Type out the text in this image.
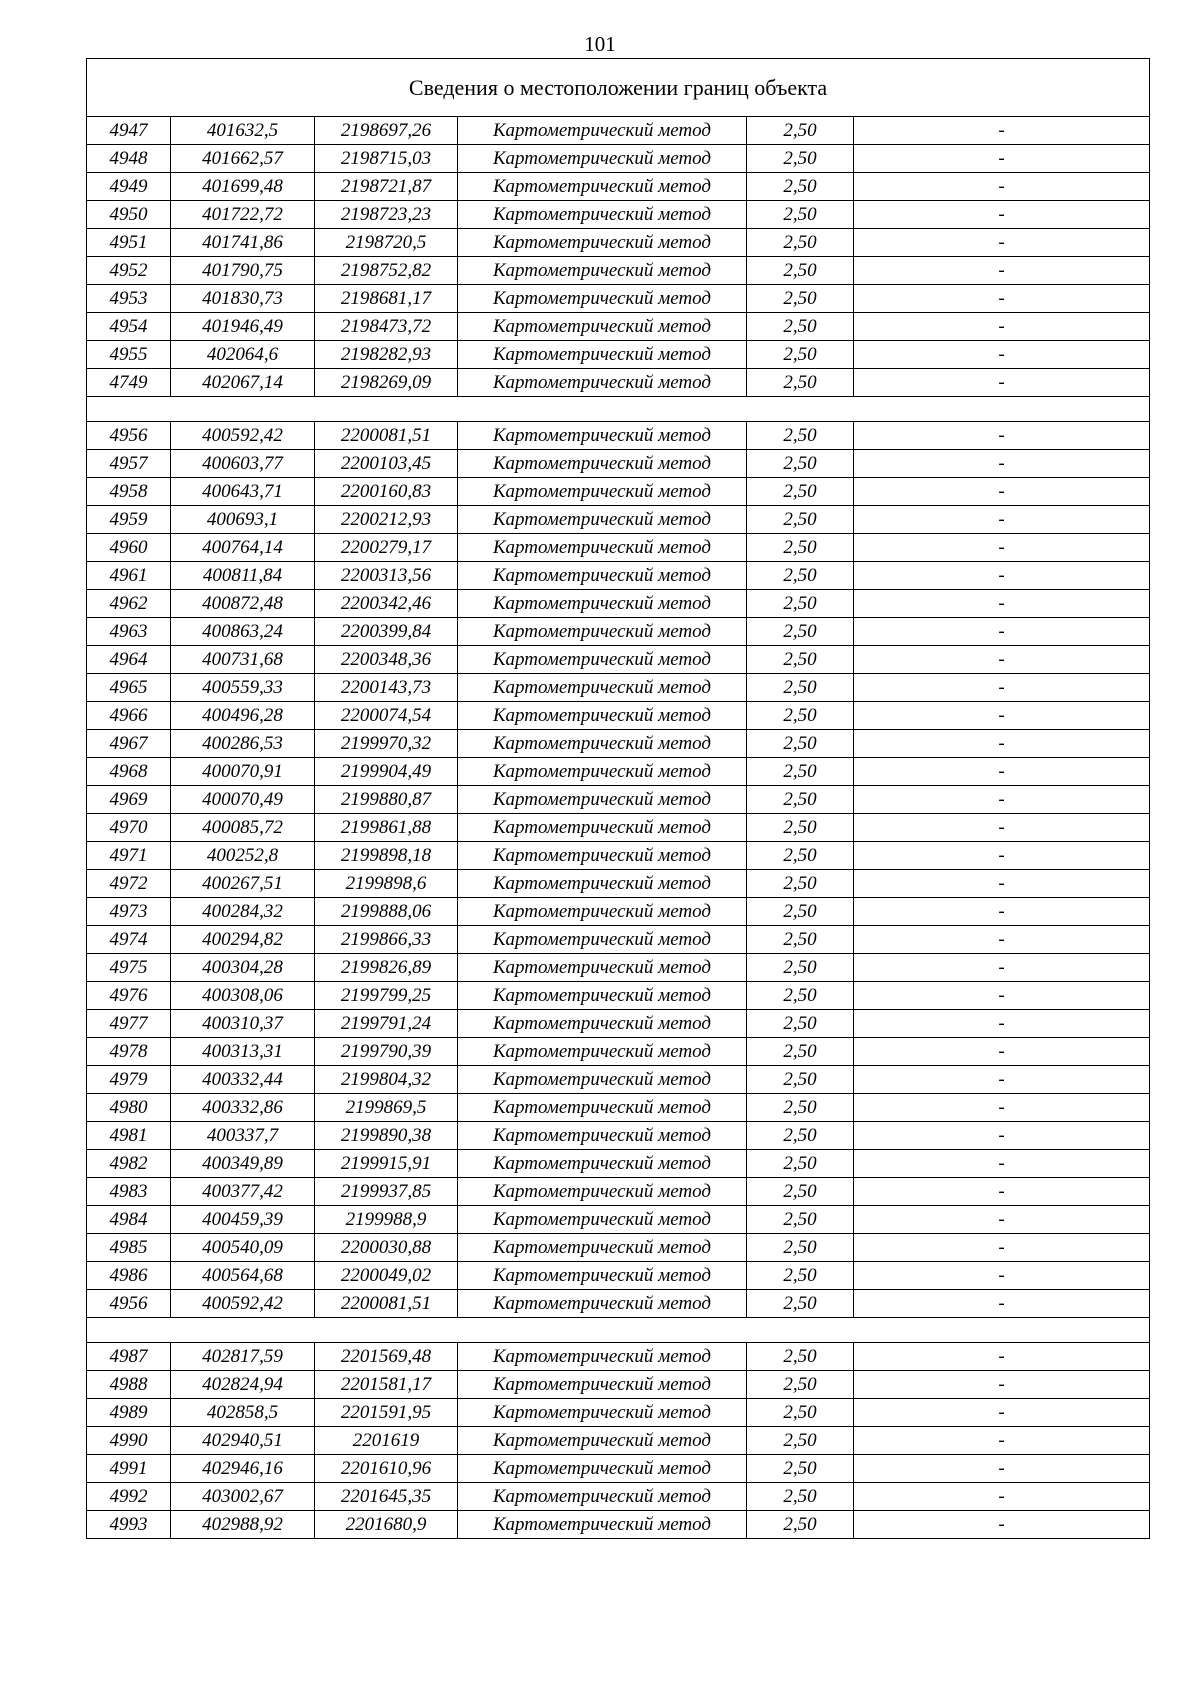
101
Сведения о местоположении границ объекта					
4947	401632,5	2198697,26	Картометрический метод	2,50	-
4948	401662,57	2198715,03	Картометрический метод	2,50	-
4949	401699,48	2198721,87	Картометрический метод	2,50	-
4950	401722,72	2198723,23	Картометрический метод	2,50	-
4951	401741,86	2198720,5	Картометрический метод	2,50	-
4952	401790,75	2198752,82	Картометрический метод	2,50	-
4953	401830,73	2198681,17	Картометрический метод	2,50	-
4954	401946,49	2198473,72	Картометрический метод	2,50	-
4955	402064,6	2198282,93	Картометрический метод	2,50	-
4749	402067,14	2198269,09	Картометрический метод	2,50	-

4956	400592,42	2200081,51	Картометрический метод	2,50	-
4957	400603,77	2200103,45	Картометрический метод	2,50	-
4958	400643,71	2200160,83	Картометрический метод	2,50	-
4959	400693,1	2200212,93	Картометрический метод	2,50	-
4960	400764,14	2200279,17	Картометрический метод	2,50	-
4961	400811,84	2200313,56	Картометрический метод	2,50	-
4962	400872,48	2200342,46	Картометрический метод	2,50	-
4963	400863,24	2200399,84	Картометрический метод	2,50	-
4964	400731,68	2200348,36	Картометрический метод	2,50	-
4965	400559,33	2200143,73	Картометрический метод	2,50	-
4966	400496,28	2200074,54	Картометрический метод	2,50	-
4967	400286,53	2199970,32	Картометрический метод	2,50	-
4968	400070,91	2199904,49	Картометрический метод	2,50	-
4969	400070,49	2199880,87	Картометрический метод	2,50	-
4970	400085,72	2199861,88	Картометрический метод	2,50	-
4971	400252,8	2199898,18	Картометрический метод	2,50	-
4972	400267,51	2199898,6	Картометрический метод	2,50	-
4973	400284,32	2199888,06	Картометрический метод	2,50	-
4974	400294,82	2199866,33	Картометрический метод	2,50	-
4975	400304,28	2199826,89	Картометрический метод	2,50	-
4976	400308,06	2199799,25	Картометрический метод	2,50	-
4977	400310,37	2199791,24	Картометрический метод	2,50	-
4978	400313,31	2199790,39	Картометрический метод	2,50	-
4979	400332,44	2199804,32	Картометрический метод	2,50	-
4980	400332,86	2199869,5	Картометрический метод	2,50	-
4981	400337,7	2199890,38	Картометрический метод	2,50	-
4982	400349,89	2199915,91	Картометрический метод	2,50	-
4983	400377,42	2199937,85	Картометрический метод	2,50	-
4984	400459,39	2199988,9	Картометрический метод	2,50	-
4985	400540,09	2200030,88	Картометрический метод	2,50	-
4986	400564,68	2200049,02	Картометрический метод	2,50	-
4956	400592,42	2200081,51	Картометрический метод	2,50	-

4987	402817,59	2201569,48	Картометрический метод	2,50	-
4988	402824,94	2201581,17	Картометрический метод	2,50	-
4989	402858,5	2201591,95	Картометрический метод	2,50	-
4990	402940,51	2201619	Картометрический метод	2,50	-
4991	402946,16	2201610,96	Картометрический метод	2,50	-
4992	403002,67	2201645,35	Картометрический метод	2,50	-
4993	402988,92	2201680,9	Картометрический метод	2,50	-
